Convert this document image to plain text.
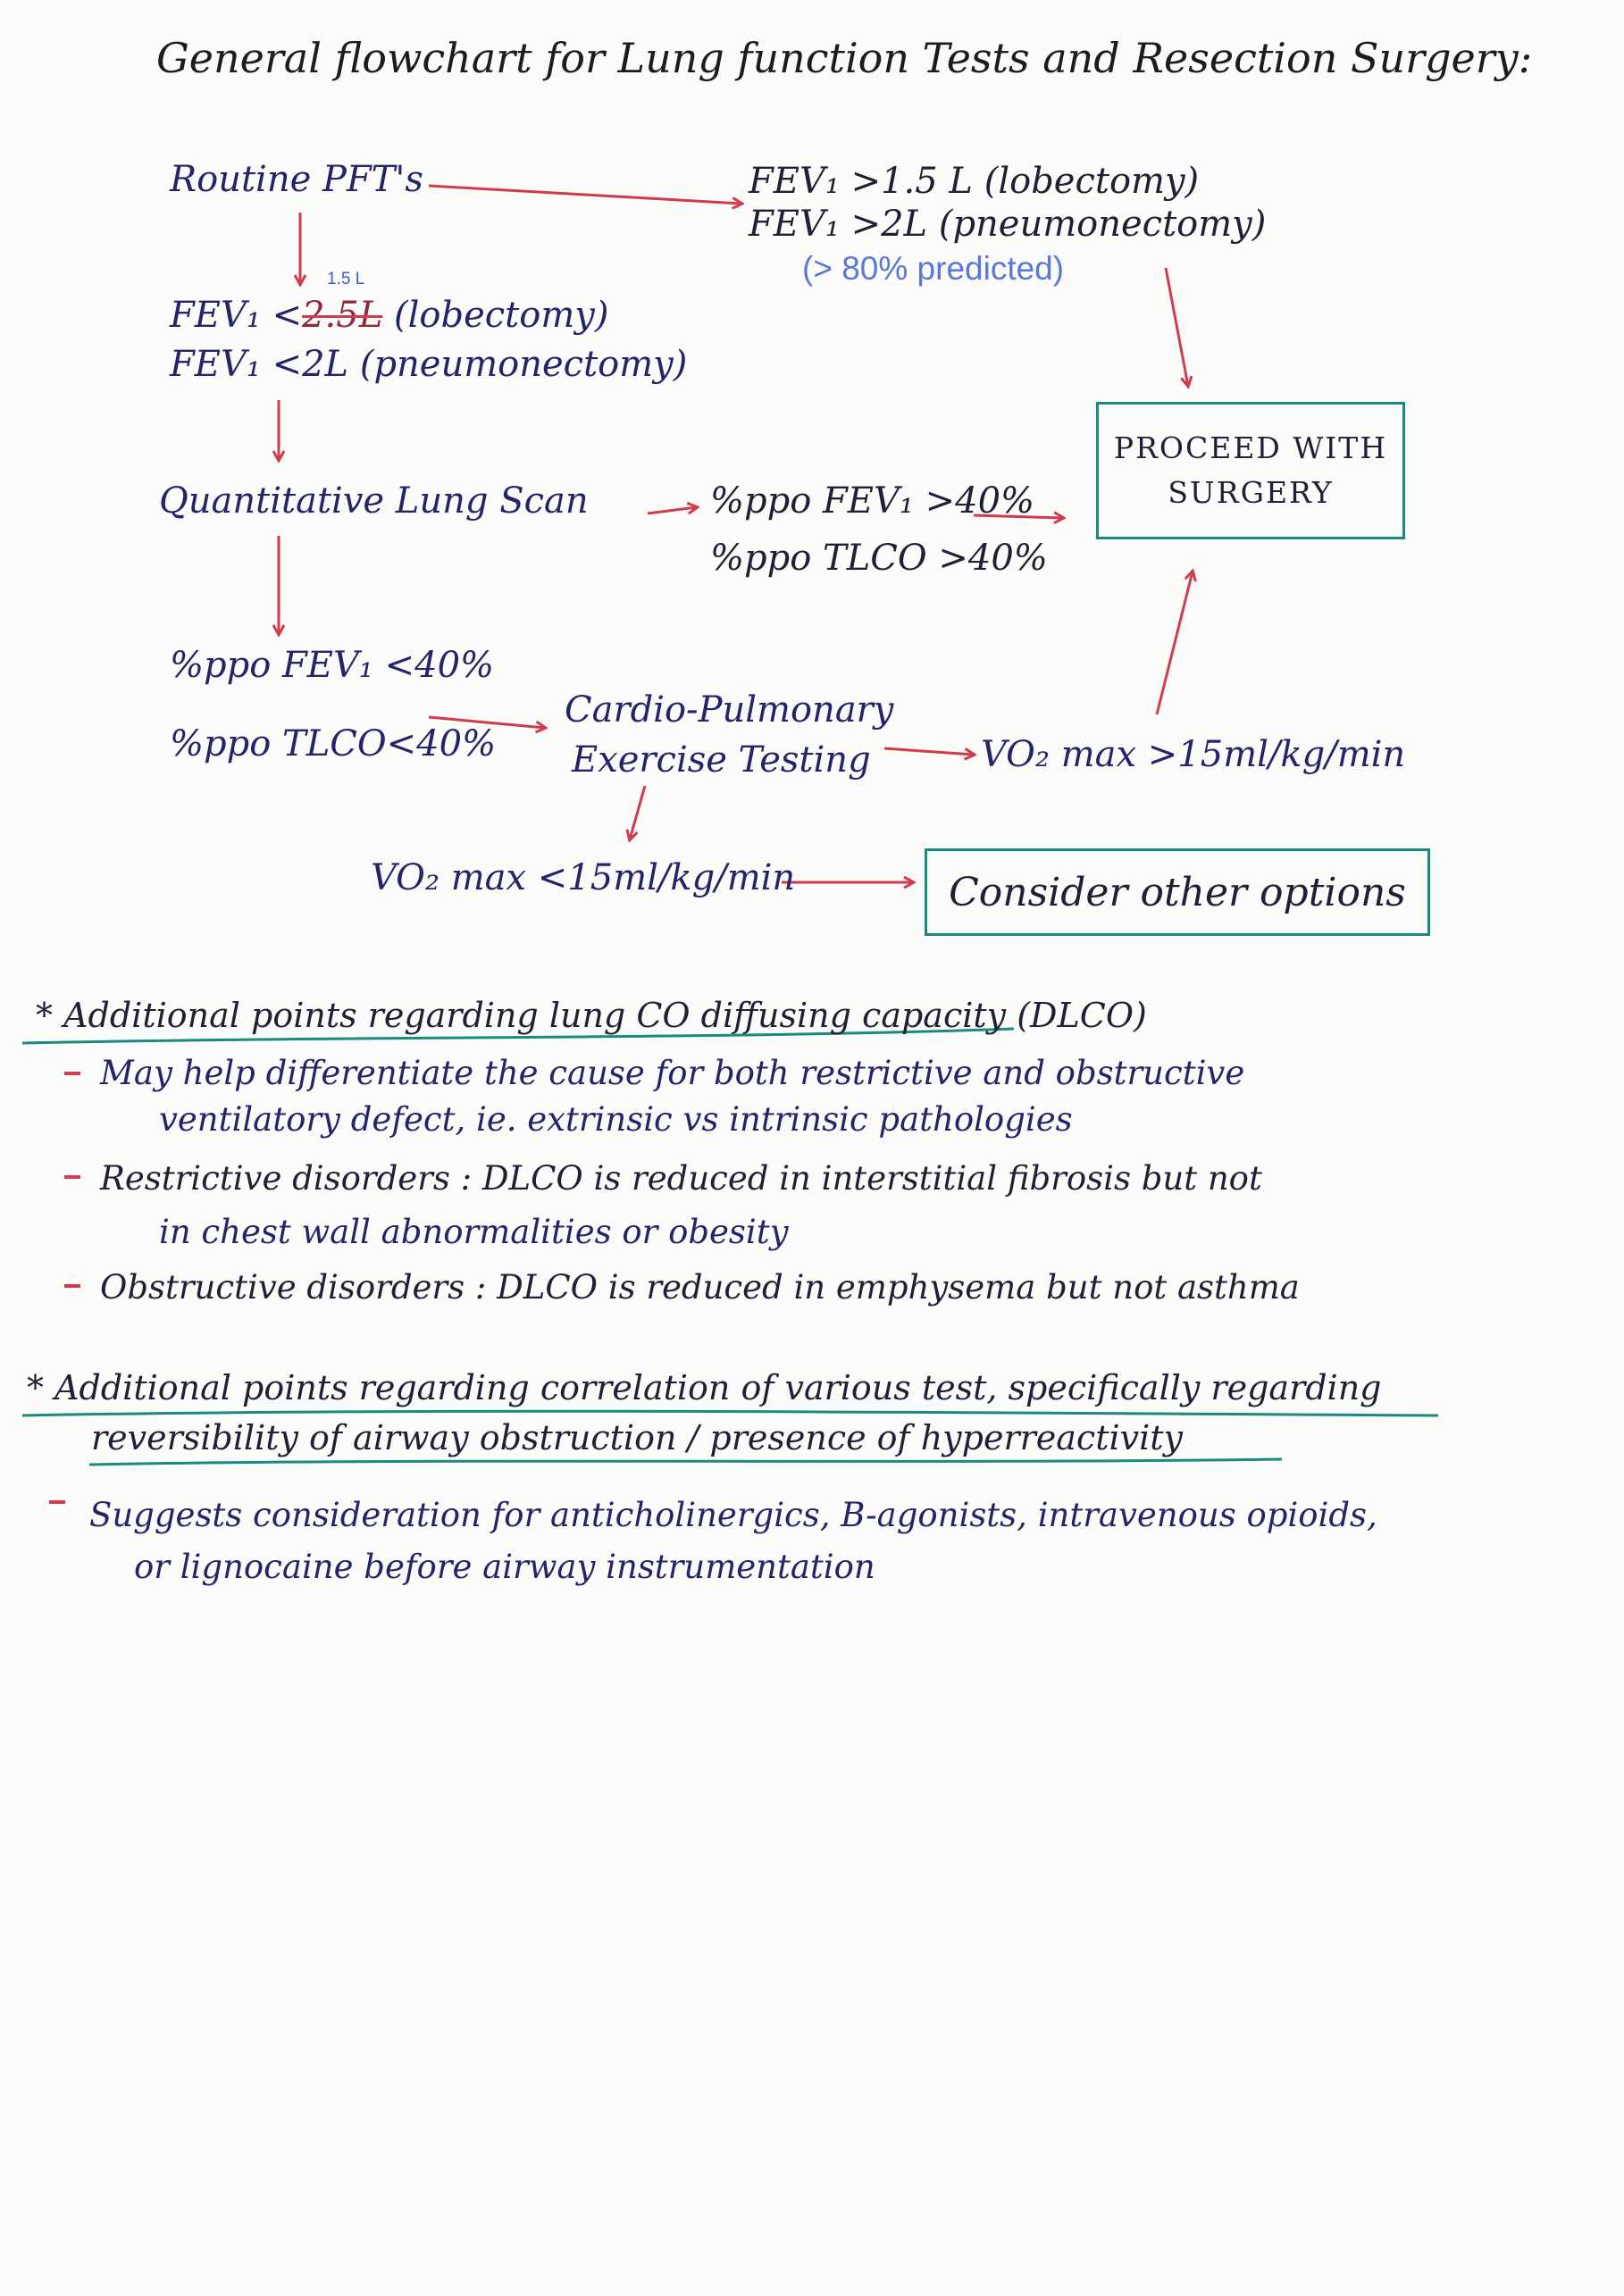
General flowchart for Lung function Tests and Resection Surgery:
Routine PFT's	FEV₁ >1.5 L (lobectomy)
FEV₁ >2L (pneumonectomy)
(> 80% predicted)
1.5 L
FEV₁ <2.5L (lobectomy)
FEV₁ <2L (pneumonectomy)
Quantitative Lung Scan	%ppo FEV₁ >40%
%ppo TLCO >40%
PROCEED WITH
SURGERY
%ppo FEV₁ <40%
%ppo TLCO<40%
Cardio-Pulmonary
Exercise Testing	VO₂ max >15ml/kg/min
VO₂ max <15ml/kg/min	Consider other options
* Additional points regarding lung CO diffusing capacity (DLCO)
May help differentiate the cause for both restrictive and obstructive
ventilatory defect, ie. extrinsic vs intrinsic pathologies
Restrictive disorders : DLCO is reduced in interstitial fibrosis but not
in chest wall abnormalities or obesity
Obstructive disorders : DLCO is reduced in emphysema but not asthma
* Additional points regarding correlation of various test, specifically regarding
reversibility of airway obstruction / presence of hyperreactivity
Suggests consideration for anticholinergics, B-agonists, intravenous opioids,
or lignocaine before airway instrumentation
